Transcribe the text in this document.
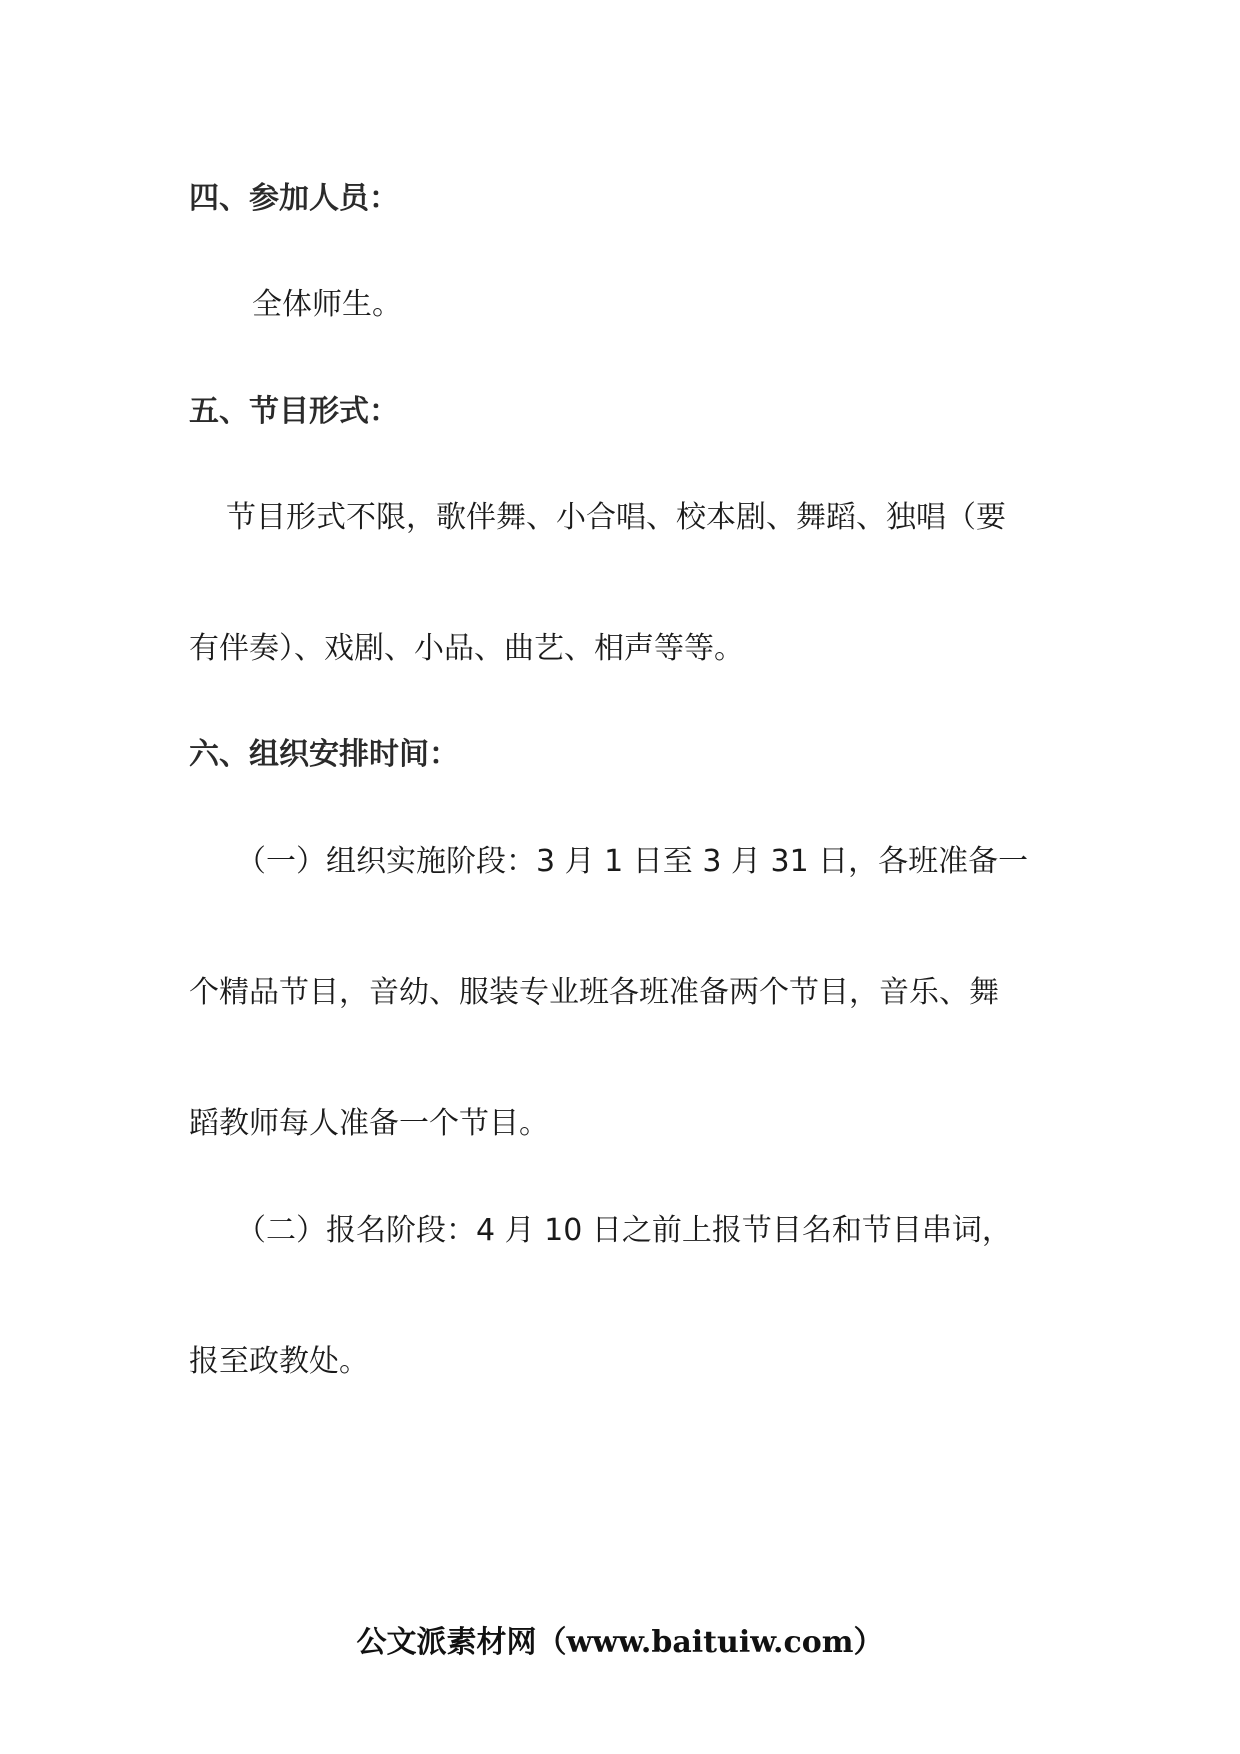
四、参加人员：
全体师生。
五、节目形式：
节目形式不限，歌伴舞、小合唱、校本剧、舞蹈、独唱（要
有伴奏）、戏剧、小品、曲艺、相声等等。
六、组织安排时间：
（一）组织实施阶段：3 月 1 日至 3 月 31 日，各班准备一
个精品节目，音幼、服装专业班各班准备两个节目，音乐、舞
蹈教师每人准备一个节目。
（二）报名阶段：4 月 10 日之前上报节目名和节目串词，
报至政教处。
公文派素材网（www.baituiw.com）
